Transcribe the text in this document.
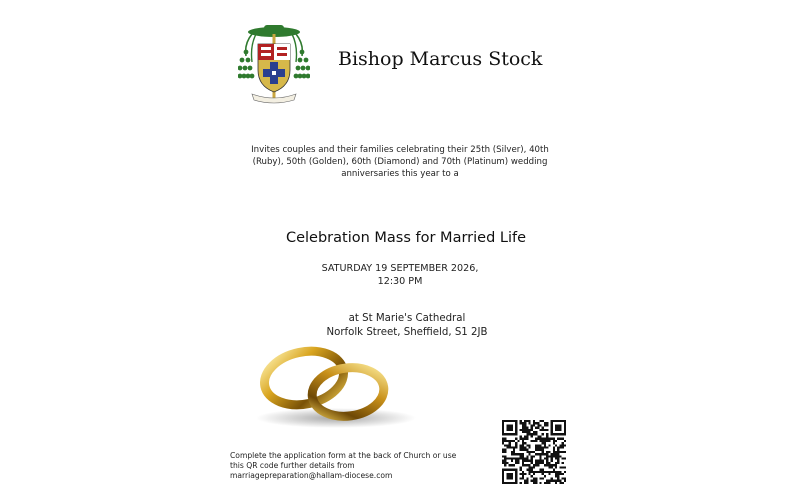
Bishop Marcus Stock
Invites couples and their families celebrating their 25th (Silver), 40th
(Ruby), 50th (Golden), 60th (Diamond) and 70th (Platinum) wedding
anniversaries this year to a
Celebration Mass for Married Life
SATURDAY 19 SEPTEMBER 2026,
12:30 PM
at St Marie's Cathedral
Norfolk Street, Sheffield, S1 2JB
Complete the application form at the back of Church or use
this QR code further details from
marriagepreparation@hallam-diocese.com
